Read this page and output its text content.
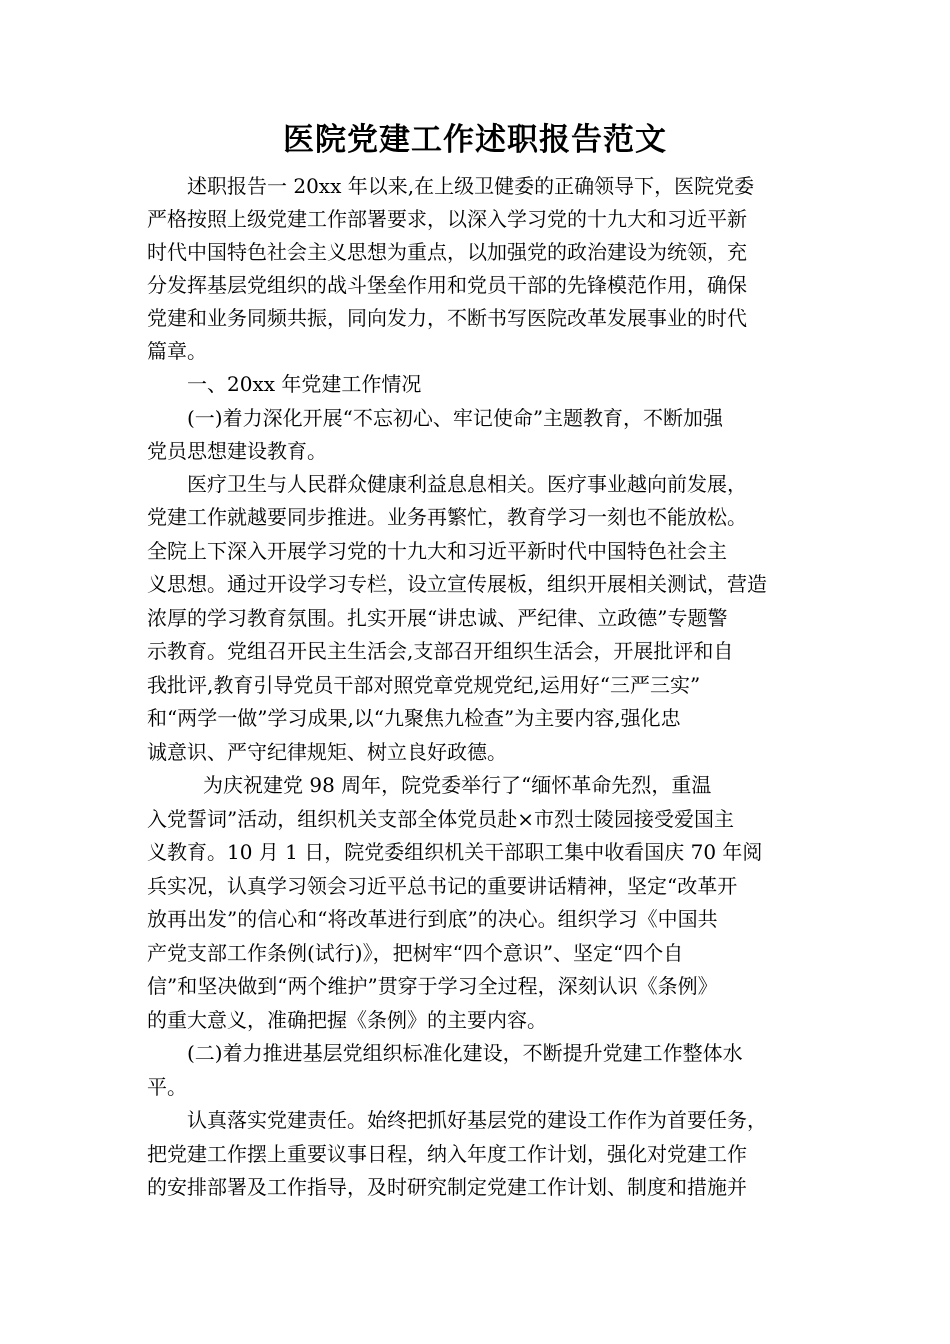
医院党建工作述职报告范文

述职报告一 20xx 年以来,在上级卫健委的正确领导下，医院党委

严格按照上级党建工作部署要求，以深入学习党的十九大和习近平新

时代中国特色社会主义思想为重点，以加强党的政治建设为统领，充

分发挥基层党组织的战斗堡垒作用和党员干部的先锋模范作用，确保

党建和业务同频共振，同向发力，不断书写医院改革发展事业的时代

篇章。

一、20xx 年党建工作情况

(一)着力深化开展“不忘初心、牢记使命”主题教育，不断加强

党员思想建设教育。

医疗卫生与人民群众健康利益息息相关。医疗事业越向前发展，

党建工作就越要同步推进。业务再繁忙，教育学习一刻也不能放松。

全院上下深入开展学习党的十九大和习近平新时代中国特色社会主

义思想。通过开设学习专栏，设立宣传展板，组织开展相关测试，营造

浓厚的学习教育氛围。扎实开展“讲忠诚、严纪律、立政德”专题警

示教育。党组召开民主生活会,支部召开组织生活会，开展批评和自

我批评,教育引导党员干部对照党章党规党纪,运用好“三严三实”

和“两学一做”学习成果,以“九聚焦九检查”为主要内容,强化忠

诚意识、严守纪律规矩、树立良好政德。

为庆祝建党 98 周年，院党委举行了“缅怀革命先烈，重温

入党誓词”活动，组织机关支部全体党员赴×市烈士陵园接受爱国主

义教育。10 月 1 日，院党委组织机关干部职工集中收看国庆 70 年阅

兵实况，认真学习领会习近平总书记的重要讲话精神，坚定“改革开

放再出发”的信心和“将改革进行到底”的决心。组织学习《中国共

产党支部工作条例(试行)》，把树牢“四个意识”、坚定“四个自

信”和坚决做到“两个维护”贯穿于学习全过程，深刻认识《条例》

的重大意义，准确把握《条例》的主要内容。

(二)着力推进基层党组织标准化建设，不断提升党建工作整体水

平。

认真落实党建责任。始终把抓好基层党的建设工作作为首要任务，

把党建工作摆上重要议事日程，纳入年度工作计划，强化对党建工作

的安排部署及工作指导，及时研究制定党建工作计划、制度和措施并
